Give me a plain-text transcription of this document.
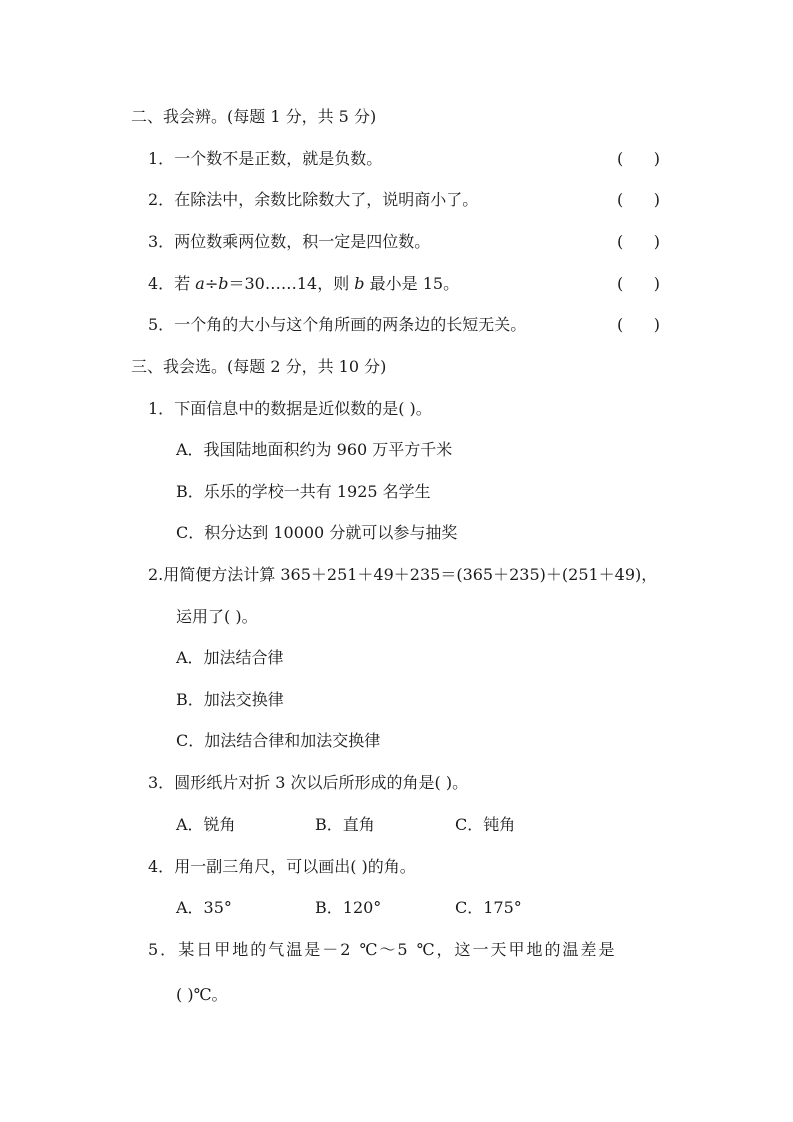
二、我会辨。(每题 1 分，共 5 分)
1．一个数不是正数，就是负数。	(      )
2．在除法中，余数比除数大了，说明商小了。	(      )
3．两位数乘两位数，积一定是四位数。	(      )
4．若 a÷b＝30……14，则 b 最小是 15。	(      )
5．一个角的大小与这个角所画的两条边的长短无关。	(      )
三、我会选。(每题 2 分，共 10 分)
1．下面信息中的数据是近似数的是( )。
A．我国陆地面积约为 960 万平方千米
B．乐乐的学校一共有 1925 名学生
C．积分达到 10000 分就可以参与抽奖
2.用简便方法计算 365＋251＋49＋235＝(365＋235)＋(251＋49)，
运用了( )。
A．加法结合律
B．加法交换律
C．加法结合律和加法交换律
3．圆形纸片对折 3 次以后所形成的角是( )。
A．锐角	B．直角	C．钝角
4．用一副三角尺，可以画出( )的角。
A．35°	B．120°	C．175°
5．某日甲地的气温是－2 ℃～5 ℃，这一天甲地的温差是
( )℃。
